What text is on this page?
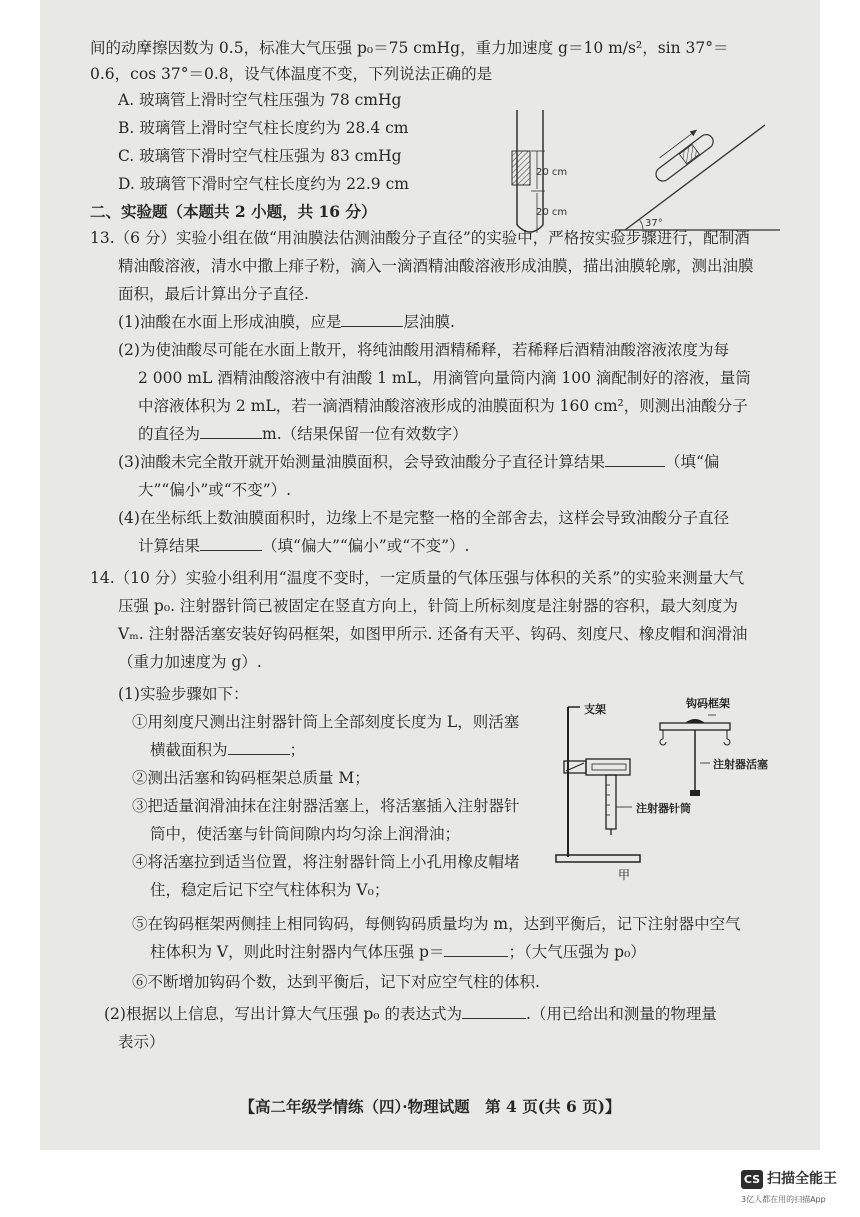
间的动摩擦因数为 0.5，标准大气压强 p₀＝75 cmHg，重力加速度 g＝10 m/s²，sin 37°＝
0.6，cos 37°＝0.8，设气体温度不变，下列说法正确的是
A. 玻璃管上滑时空气柱压强为 78 cmHg
B. 玻璃管上滑时空气柱长度约为 28.4 cm
C. 玻璃管下滑时空气柱压强为 83 cmHg
D. 玻璃管下滑时空气柱长度约为 22.9 cm
20 cm
20 cm
37°
二、实验题（本题共 2 小题，共 16 分）
13.（6 分）实验小组在做“用油膜法估测油酸分子直径”的实验中，严格按实验步骤进行，配制酒
精油酸溶液，清水中撒上痱子粉，滴入一滴酒精油酸溶液形成油膜，描出油膜轮廓，测出油膜
面积，最后计算出分子直径.
(1)油酸在水面上形成油膜，应是	层油膜.
(2)为使油酸尽可能在水面上散开，将纯油酸用酒精稀释，若稀释后酒精油酸溶液浓度为每
2 000 mL 酒精油酸溶液中有油酸 1 mL，用滴管向量筒内滴 100 滴配制好的溶液，量筒
中溶液体积为 2 mL，若一滴酒精油酸溶液形成的油膜面积为 160 cm²，则测出油酸分子
的直径为	m.（结果保留一位有效数字）
(3)油酸未完全散开就开始测量油膜面积，会导致油酸分子直径计算结果	（填“偏
大”“偏小”或“不变”）.
(4)在坐标纸上数油膜面积时，边缘上不是完整一格的全部舍去，这样会导致油酸分子直径
计算结果	（填“偏大”“偏小”或“不变”）.
14.（10 分）实验小组利用“温度不变时，一定质量的气体压强与体积的关系”的实验来测量大气
压强 p₀. 注射器针筒已被固定在竖直方向上，针筒上所标刻度是注射器的容积，最大刻度为
Vₘ. 注射器活塞安装好钩码框架，如图甲所示. 还备有天平、钩码、刻度尺、橡皮帽和润滑油
（重力加速度为 g）.
(1)实验步骤如下：
①用刻度尺测出注射器针筒上全部刻度长度为 L，则活塞
横截面积为	；
②测出活塞和钩码框架总质量 M；
③把适量润滑油抹在注射器活塞上，将活塞插入注射器针
筒中，使活塞与针筒间隙内均匀涂上润滑油；
④将活塞拉到适当位置，将注射器针筒上小孔用橡皮帽堵
住，稳定后记下空气柱体积为 V₀；
⑤在钩码框架两侧挂上相同钩码，每侧钩码质量均为 m，达到平衡后，记下注射器中空气
柱体积为 V，则此时注射器内气体压强 p＝	；（大气压强为 p₀）
⑥不断增加钩码个数，达到平衡后，记下对应空气柱的体积.
(2)根据以上信息，写出计算大气压强 p₀ 的表达式为	.（用已给出和测量的物理量
表示）
支架
注射器针筒
钩码框架
注射器活塞
甲
【高二年级学情练（四）·物理试题　第 4 页(共 6 页)】
CS 扫描全能王
3亿人都在用的扫描App
